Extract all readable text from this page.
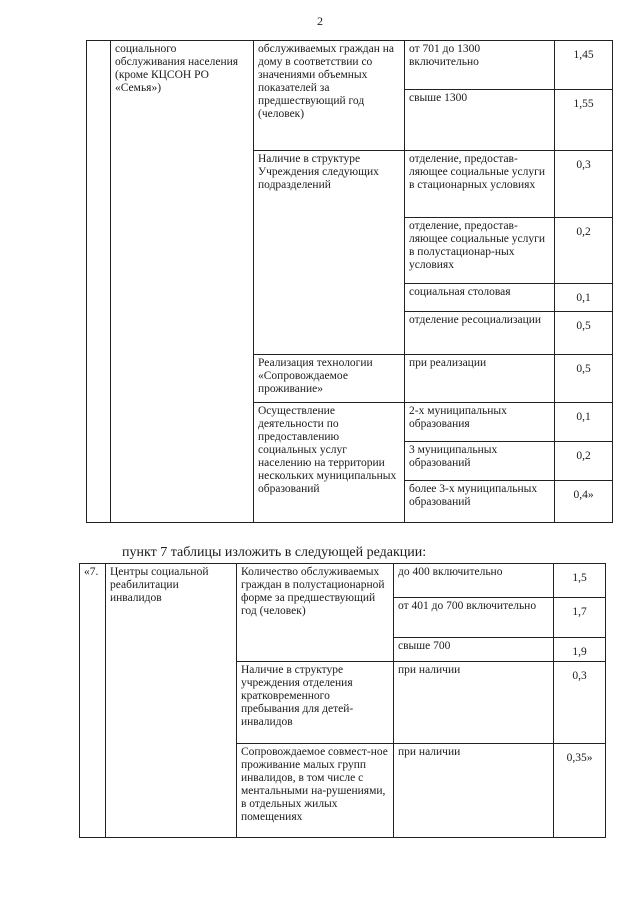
2
	социального обслуживания населения (кроме КЦСОН РО «Семья»)	обслуживаемых граждан на дому в соответствии со значениями объемных показателей за предшествующий год (человек)	от 701 до 1300 включительно	1,45
			свыше 1300	1,55
		Наличие в структуре Учреждения следующих подразделений	отделение, предостав-ляющее социальные услуги в стационарных условиях	0,3
			отделение, предостав-ляющее социальные услуги в полустационар-ных условиях	0,2
			социальная столовая	0,1
			отделение ресоциализации	0,5
		Реализация технологии «Сопровождаемое проживание»	при реализации	0,5
		Осуществление деятельности по предоставлению социальных услуг населению на территории нескольких муниципальных образований	2-х муниципальных образования	0,1
			3 муниципальных образований	0,2
			более 3-х муниципальных образований	0,4»
пункт 7 таблицы изложить в следующей редакции:
«7.	Центры социальной реабилитации инвалидов	Количество обслуживаемых граждан в полустационарной форме за предшествующий год (человек)	до 400 включительно	1,5
			от 401 до 700 включительно	1,7
			свыше 700	1,9
		Наличие в структуре учреждения отделения кратковременного пребывания для детей-инвалидов	при наличии	0,3
		Сопровождаемое совмест-ное проживание малых групп инвалидов, в том числе с ментальными на-рушениями, в отдельных жилых помещениях	при наличии	0,35»
